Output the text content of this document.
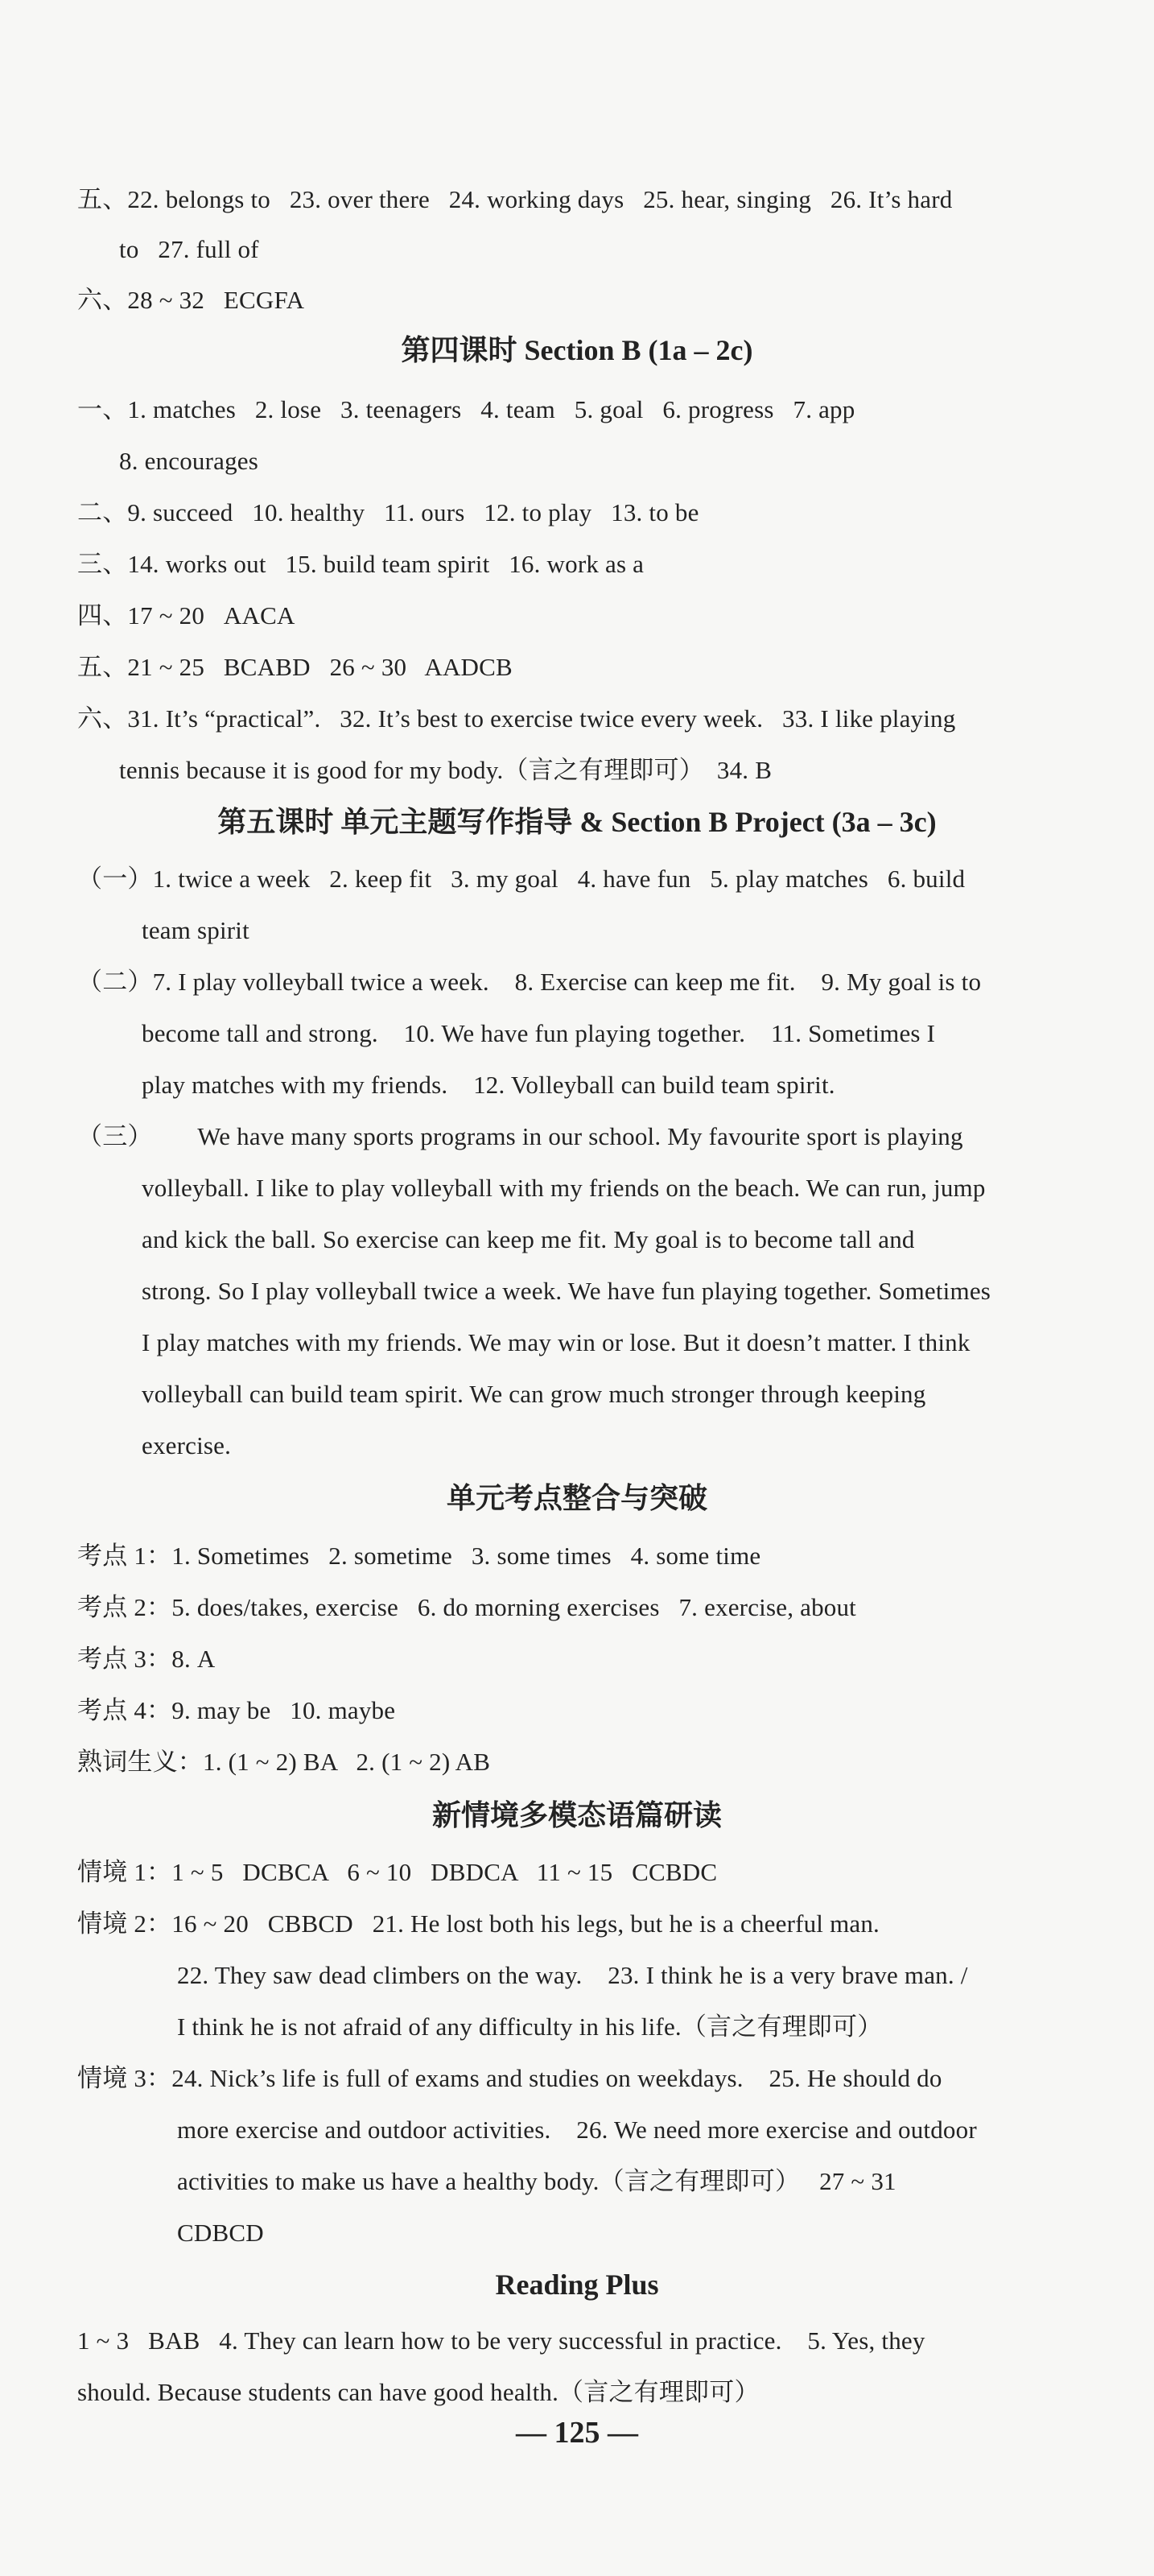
五、22. belongs to   23. over there   24. working days   25. hear, singing   26. It’s hard
to   27. full of
六、28 ~ 32   ECGFA
第四课时 Section B (1a – 2c)
一、1. matches   2. lose   3. teenagers   4. team   5. goal   6. progress   7. app
8. encourages
二、9. succeed   10. healthy   11. ours   12. to play   13. to be
三、14. works out   15. build team spirit   16. work as a
四、17 ~ 20   AACA
五、21 ~ 25   BCABD   26 ~ 30   AADCB
六、31. It’s “practical”.   32. It’s best to exercise twice every week.   33. I like playing
tennis because it is good for my body.（言之有理即可）  34. B
第五课时 单元主题写作指导 & Section B Project (3a – 3c)
（一）1. twice a week   2. keep fit   3. my goal   4. have fun   5. play matches   6. build
team spirit
（二）7. I play volleyball twice a week.    8. Exercise can keep me fit.    9. My goal is to
become tall and strong.    10. We have fun playing together.    11. Sometimes I
play matches with my friends.    12. Volleyball can build team spirit.
（三）       We have many sports programs in our school. My favourite sport is playing
volleyball. I like to play volleyball with my friends on the beach. We can run, jump
and kick the ball. So exercise can keep me fit. My goal is to become tall and
strong. So I play volleyball twice a week. We have fun playing together. Sometimes
I play matches with my friends. We may win or lose. But it doesn’t matter. I think
volleyball can build team spirit. We can grow much stronger through keeping
exercise.
单元考点整合与突破
考点 1：1. Sometimes   2. sometime   3. some times   4. some time
考点 2：5. does/takes, exercise   6. do morning exercises   7. exercise, about
考点 3：8. A
考点 4：9. may be   10. maybe
熟词生义：1. (1 ~ 2) BA   2. (1 ~ 2) AB
新情境多模态语篇研读
情境 1：1 ~ 5   DCBCA   6 ~ 10   DBDCA   11 ~ 15   CCBDC
情境 2：16 ~ 20   CBBCD   21. He lost both his legs, but he is a cheerful man.
22. They saw dead climbers on the way.    23. I think he is a very brave man. /
I think he is not afraid of any difficulty in his life.（言之有理即可）
情境 3：24. Nick’s life is full of exams and studies on weekdays.    25. He should do
more exercise and outdoor activities.    26. We need more exercise and outdoor
activities to make us have a healthy body.（言之有理即可）   27 ~ 31
CDBCD
Reading Plus
1 ~ 3   BAB   4. They can learn how to be very successful in practice.    5. Yes, they
should. Because students can have good health.（言之有理即可）
— 125 —
